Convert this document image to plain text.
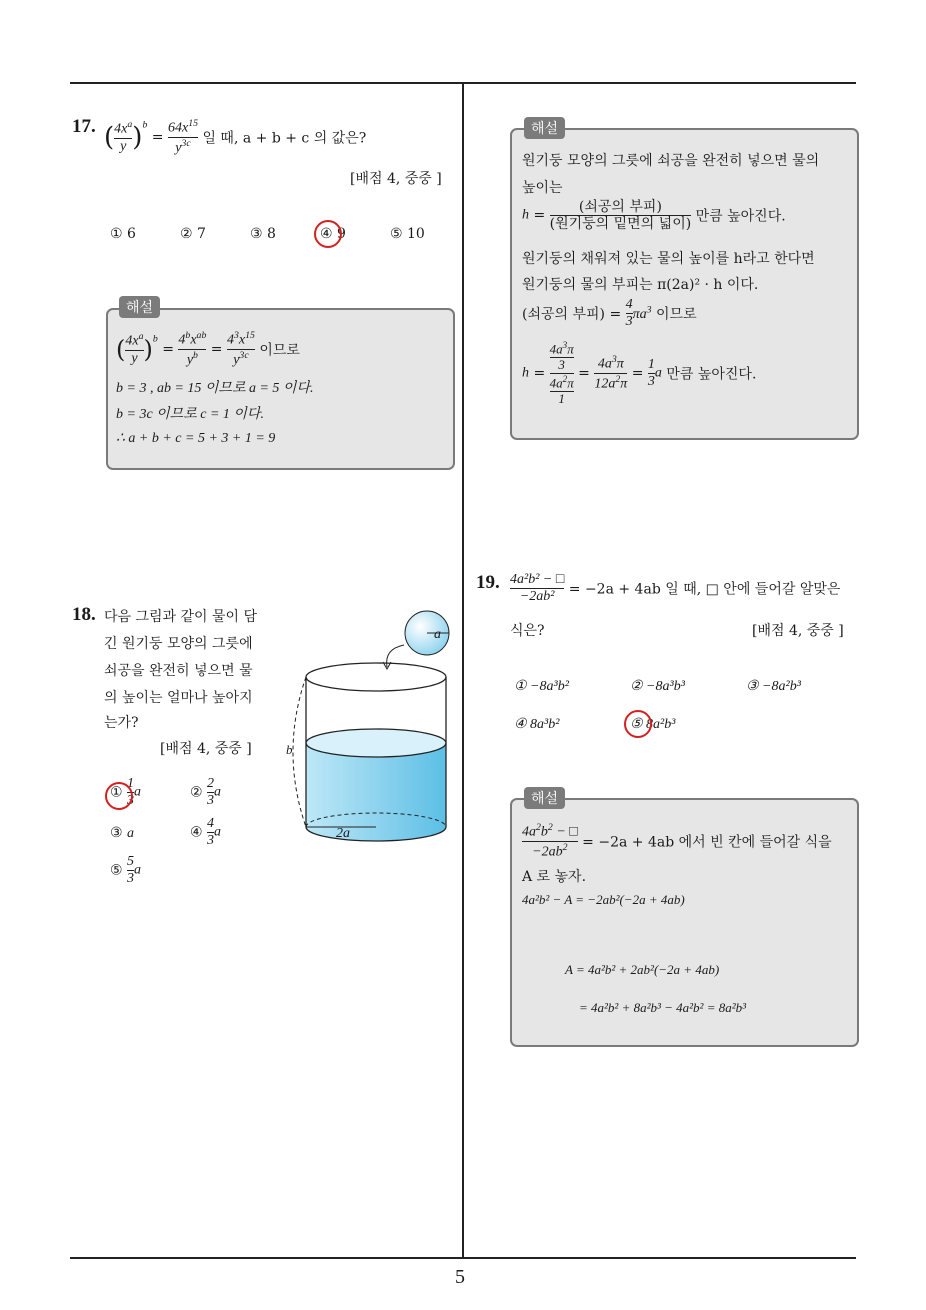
5
17. ( $\frac{4x^a}{y} )^b = \frac{64x^{15}}{y^{3c}}$ 일 때, a + b + c 의 값은?
[배점 4, 중중 ]
① 6	② 7	③ 8	④ 9	⑤ 10
해설
( $\frac{4x^a}{y} )^b = \frac{4^bx^{ab}}{y^b} = \frac{4^3x^{15}}{y^{3c}}$ 이므로
b = 3 , ab = 15 이므로 a = 5 이다.
b = 3c 이므로 c = 1 이다.
∴ a + b + c = 5 + 3 + 1 = 9
18. 다음 그림과 같이 물이 담
긴 원기둥 모양의 그릇에
쇠공을 완전히 넣으면 물
의 높이는 얼마나 높아지
는가?
[배점 4, 중중 ]
① $\frac{1}{3}$ a	② $\frac{2}{3}$ a
③ a	④ $\frac{4}{3}$ a
⑤ $\frac{5}{3}$ a
a
b
2a
해설
원기둥 모양의 그릇에 쇠공을 완전히 넣으면 물의
높이는
$h = \frac{\text{(쇠공의 부피)}}{\text{(원기둥의 밑면의 넓이)}}$ 만큼 높아진다.
원기둥의 채워져 있는 물의 높이를 h라고 한다면
원기둥의 물의 부피는 π(2a)² · h 이다.
(쇠공의 부피) = $\frac{4}{3} \pi a^3$ 이므로
h =
$4a^3\pi$

3
$4a^2\pi$

1
= $\frac{4a^3\pi}{12a^2\pi} = \frac{1}{3}$ a 만큼 높아진다.
19. $\frac{\text{4a²b² − □}}{\text{−2ab²}} = -2a + 4ab$ 일 때, □ 안에 들어갈 알맞은
식은?	[배점 4, 중중 ]
① −8a³b²	② −8a³b³	③ −8a²b³
④ 8a³b²	⑤ 8a²b³
해설
$\frac{4a^2b^2 - □}{-2ab^2} = -2a + 4ab$ 에서 빈 칸에 들어갈 식을
A 로 놓자.
4a²b² − A = −2ab²(−2a + 4ab)
A = 4a²b² + 2ab²(−2a + 4ab)
= 4a²b² + 8a²b³ − 4a²b² = 8a²b³
